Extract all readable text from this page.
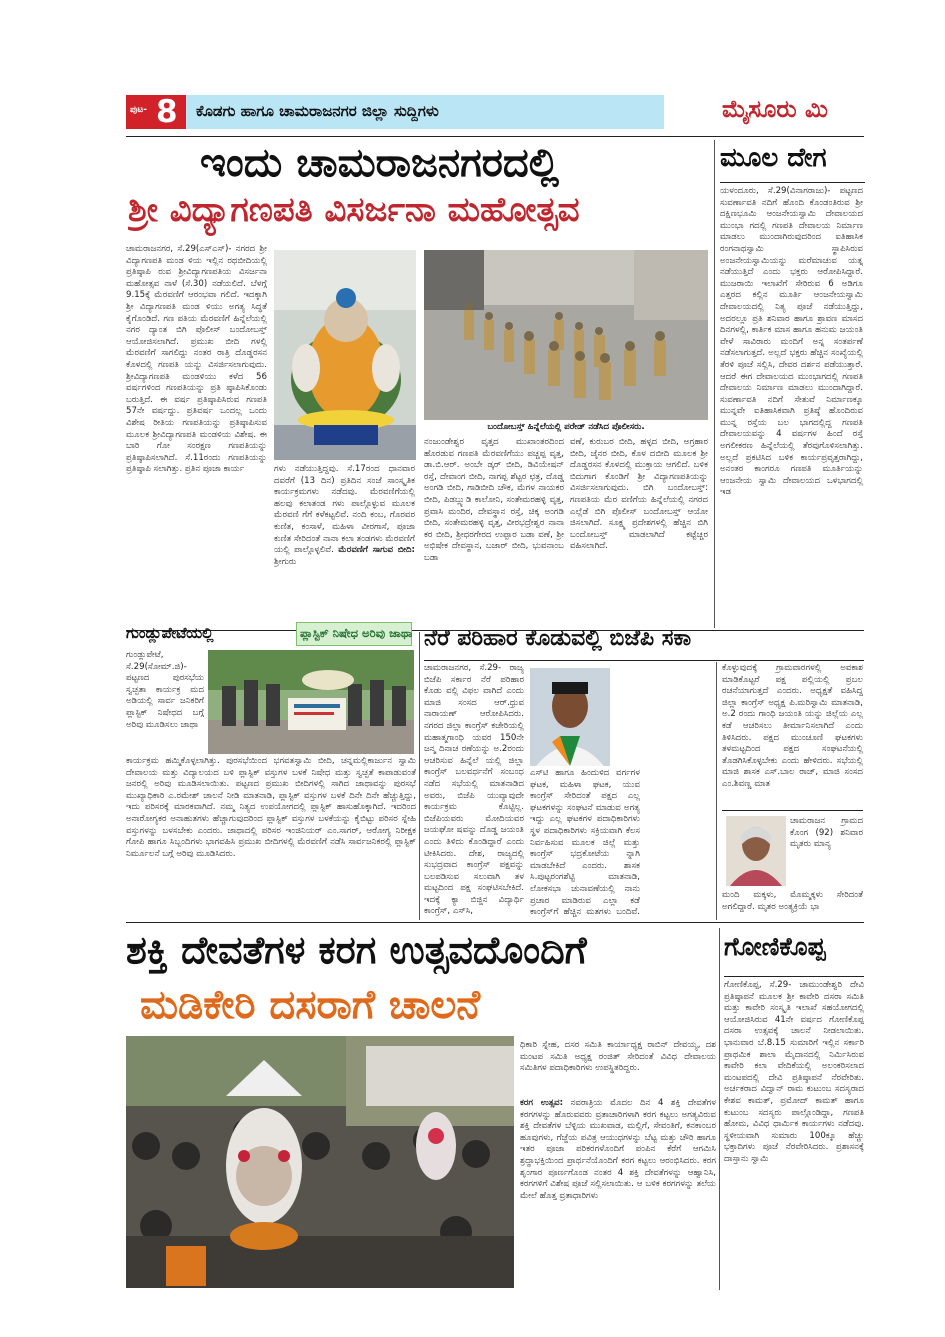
ಪುಟ- 8 ಕೊಡಗು ಹಾಗೂ ಚಾಮರಾಜನಗರ ಜಿಲ್ಲಾ ಸುದ್ದಿಗಳು	ಮೈಸೂರು ಮಿ
ಇಂದು ಚಾಮರಾಜನಗರದಲ್ಲಿ
ಶ್ರೀ ವಿದ್ಯಾಗಣಪತಿ ವಿಸರ್ಜನಾ ಮಹೋತ್ಸವ
ಚಾಮರಾಜನಗರ, ಸೆ.29(ಎಸ್‌ಎಸ್)- ನಗರದ ಶ್ರೀ ವಿದ್ಯಾಗಣಪತಿ ಮಂಡ ಳಿಯ ಇಲ್ಲಿನ ರಥಬೀದಿಯಲ್ಲಿ ಪ್ರತಿಷ್ಠಾಪಿ ರುವ ಶ್ರೀವಿದ್ಯಾಗಣಪತಿಯ ವಿಸರ್ಜನಾ ಮಹೋತ್ಸವ ನಾಳೆ (ಸೆ.30) ನಡೆಯಲಿದೆ. ಬೆಳಗ್ಗೆ 9.15ಕ್ಕೆ ಮೆರವಣಿಗೆ ಆರಂಭವಾ ಗಲಿದೆ. ಇದಕ್ಕಾಗಿ ಶ್ರೀ ವಿದ್ಯಾಗಣಪತಿ ಮಂಡ ಳಿಯು ಅಗತ್ಯ ಸಿದ್ಧತೆ ಕೈಗೊಂಡಿದೆ. ಗಣ ಪತಿಯ ಮೆರವಣಿಗೆ ಹಿನ್ನೆಲೆಯಲ್ಲಿ ನಗರ ದ್ಯಾಂತ ಬಿಗಿ ಪೊಲೀಸ್ ಬಂದೋಬಸ್ತ್ ಆಯೋಜಿಸಲಾಗಿದೆ. ಪ್ರಮುಖ ಬೀದಿ ಗಳಲ್ಲಿ ಮೆರವಣಿಗೆ ಸಾಗಲಿದ್ದು ನಂತರ ರಾತ್ರಿ ದೊಡ್ಡರಸನ ಕೊಳದಲ್ಲಿ ಗಣಪತಿ ಯನ್ನು ವಿಸರ್ಜಿಸಲಾಗುವುದು. ಶ್ರೀವಿದ್ಯಾಗಣಪತಿ ಮಂಡಳಿಯು ಕಳೆದ 56 ವರ್ಷಗಳಿಂದ ಗಣಪತಿಯನ್ನು ಪ್ರತಿ ಷ್ಠಾಪಿಸಿಕೊಂಡು ಬರುತ್ತಿದೆ. ಈ ವರ್ಷ ಪ್ರತಿಷ್ಠಾಪಿಸಿರುವ ಗಣಪತಿ 57ನೇ ವರ್ಷದ್ದು. ಪ್ರತಿವರ್ಷ ಒಂದಲ್ಲ ಒಂದು ವಿಶೇಷ ರೀತಿಯ ಗಣಪತಿಯನ್ನು ಪ್ರತಿಷ್ಠಾಪಿಸುವ ಮೂಲಕ ಶ್ರೀವಿದ್ಯಾಗಣಪತಿ ಮಂಡಳಿಯ ವಿಶೇಷ. ಈ ಬಾರಿ ಗೋ ಸಂರಕ್ಷಣ ಗಣಪತಿಯನ್ನು ಪ್ರತಿಷ್ಠಾಪಿಸಲಾಗಿದೆ. ಸೆ.11ರಂದು ಗಣಪತಿಯನ್ನು ಪ್ರತಿಷ್ಠಾಪಿ ಸಲಾಗಿತ್ತು. ಪ್ರತಿನ ಪೂಜಾ ಕಾರ್ಯ	ಗಳು ನಡೆಯುತ್ತಿದ್ದವು. ಸೆ.17ರಂದ ಧಾನವಾರ ದವರೆಗೆ (13 ದಿನ) ಪ್ರತಿದಿನ ಸಂಜೆ ಸಾಂಸ್ಕೃತಿಕ ಕಾರ್ಯಕ್ರಮಗಳು ನಡೆದವು. ಮೆರವಣಿಗೆಯಲ್ಲಿ ಹಲವು ಕಲಾತಂಡ ಗಳು ಪಾಲ್ಗೊಳ್ಳುವ ಮೂಲಕ ಮೆರವಣಿ ಗೆಗೆ ಕಳೆಕಟ್ಟಲಿವೆ. ನಂದಿ ಕಂಬ, ಗೊರವರ ಕುಣಿತ, ಕಂಸಾಳೆ, ಮಹಿಳಾ ವೀರಗಾಸೆ, ಪೂಜಾ ಕುಣಿತ ಸೇರಿದಂತೆ ನಾನಾ ಕಲಾ ತಂಡಗಳು ಮೆರವಣಿಗೆ ಯಲ್ಲಿ ಪಾಲ್ಗೊಳ್ಳಲಿವೆ. ಮೆರವಣಿಗೆ ಸಾಗುವ ಬೀದಿ: ಶ್ರೀಗುರು
ಬಂದೋಬಸ್ತ್ ಹಿನ್ನೆಲೆಯಲ್ಲಿ ಪರೇಡ್ ನಡೆಸಿದ ಪೊಲೀಸರು.
ನಂಜುಂಡೇಶ್ವರ ವೃತ್ತದ ಮುಖಾಂತರದಿಂದ ಹೊರಡುವ ಗಣಪತಿ ಮೆರವಣಿಗೆಯು ಪಚ್ಚಪ್ಪ ವೃತ್ತ, ಡಾ.ಬಿ.ಆರ್. ಅಂಬೇ ಡ್ಕರ್ ಬೀದಿ, ಡಿವಿಯೇಷನ್ ರಸ್ತೆ, ದೇವಾಂಗ ಬೀದಿ, ನಾಗಪ್ಪ ಶೆಟ್ಟರ ಛತ್ರ, ದೊಡ್ಡ ಅಂಗಡಿ ಬೀದಿ, ಗಾಡಿಬೀದಿ ಚೌಕ, ಮೆಗಳ ನಾಯಕರ ಬೀದಿ, ಪಿಡಬ್ಲ್ಯುಡಿ ಕಾಲೋನಿ, ಸಂತೇಮರಹಳ್ಳಿ ವೃತ್ತ, ಪ್ರವಾಸಿ ಮಂದಿರ, ದೇವಸ್ಥಾನ ರಸ್ತೆ, ಚಿಕ್ಕ ಅಂಗಡಿ ಬೀದಿ, ಸಂತೇಮರಹಳ್ಳಿ ವೃತ್ತ, ವೀರಭದ್ರೇಶ್ವರ ನಾನಾ ಕರ ಬೀದಿ, ಶ್ರೀಧರಗೇರದ ಉಪ್ಪಾರ ಬಡಾ ವಣೆ, ಶ್ರೀ ಅಭಿಷೇಕ ದೇವಸ್ಥಾನ, ಬಜಾರ್ ಬೀದಿ, ಭುವನಾಂಬ ಬಡಾ
ವಣೆ, ಕುರುಬರ ಬೀದಿ, ಹಳ್ಳದ ಬೀದಿ, ಅಗ್ರಹಾರ ಬೀದಿ, ಜೈನರ ಬೀದಿ, ಕೊಳ ದಬೀದಿ ಮೂಲಕ ಶ್ರೀ ದೊಡ್ಡರಸನ ಕೊಳದಲ್ಲಿ ಮುಕ್ತಾಯ ಆಗಲಿದೆ. ಬಳಿಕ ಬಿದುಗಾಗ ಕೊಂಡಿಗೆ ಶ್ರೀ ವಿದ್ಯಾಗಣಪತಿಯನ್ನು ವಿಸರ್ಜಿಸಲಾಗುವುದು. ಬಿಗಿ ಬಂದೋಬಸ್ತ್: ಗಣಪತಿಯ ಮೆರ ವಣಿಗೆಯ ಹಿನ್ನೆಲೆಯಲ್ಲಿ ನಗರದ ಎಲ್ಲೆಡೆ ಬಿಗಿ ಪೊಲೀಸ್ ಬಂದೋಬಸ್ತ್ ಆಯೋ ಜಿಸಲಾಗಿದೆ. ಸೂಕ್ಷ್ಮ ಪ್ರದೇಶಗಳಲ್ಲಿ ಹೆಚ್ಚಿನ ಬಿಗಿ ಬಂದೋಬಸ್ತ್ ಮಾಡಲಾಗಿದೆ ಕಟ್ಟೆಚ್ಚರ ವಹಿಸಲಾಗಿದೆ.
ಮೂಲ ದೇಗ
ಯಳಂದೂರು, ಸೆ.29(ವಿನಾಗರಾಜು)- ಪಟ್ಟಣದ ಸುವರ್ಣಾವತಿ ನದಿಗೆ ಹೊಂದಿ ಕೊಂಡಂತಿರುವ ಶ್ರೀ ದಕ್ಷಿಣಭೂಮಿ ಆಂಜನೇಯಸ್ವಾಮಿ ದೇವಾಲಯದ ಮುಂಭಾ ಗದಲ್ಲಿ ಗಣಪತಿ ದೇವಾಲಯ ನಿರ್ಮಾಣ ಮಾಡಲು ಮುಂದಾಗಿರುವುದರಿಂದ ಐತಿಹಾಸಿಕ ರಂಗನಾಥಸ್ವಾಮಿ ಸ್ಥಾಪಿಸಿರುವ ಅಂಜನೇಯಸ್ವಾಮಿಯನ್ನು ಮರೆಮಾಚುವ ಯತ್ನ ನಡೆಯುತ್ತಿದೆ ಎಂದು ಭಕ್ತರು ಆರೋಪಿಸಿದ್ದಾರೆ. ಮುಜರಾಯಿ ಇಲಾಖೆಗೆ ಸೇರಿರುವ 6 ಅಡಿಗೂ ಎತ್ತರದ ಕಲ್ಲಿನ ಮೂರ್ತಿ ಆಂಜನೇಯಸ್ವಾಮಿ ದೇವಾಲಯದಲ್ಲಿ ನಿತ್ಯ ಪೂಜೆ ನಡೆಯುತ್ತಿದ್ದು, ಅದರಲ್ಲೂ ಪ್ರತಿ ಶನಿವಾರ ಹಾಗೂ ಶ್ರಾವಣ ಮಾಸದ ದಿನಗಳಲ್ಲಿ, ಕಾರ್ತಿಕ ಮಾಸ ಹಾಗೂ ಹನುಮ ಜಯಂತಿ ವೇಳೆ ಸಾವಿರಾರು ಮಂದಿಗೆ ಅನ್ನ ಸಂತರ್ಪಣೆ ನಡೆಸಲಾಗುತ್ತದೆ. ಅಲ್ಲದೆ ಭಕ್ತರು ಹೆಚ್ಚಿನ ಸಂಖ್ಯೆಯಲ್ಲಿ ತೆರಳಿ ಪೂಜೆ ಸಲ್ಲಿಸಿ, ದೇವರ ದರ್ಶನ ಪಡೆಯುತ್ತಾರೆ. ಆದರೆ ಈಗ ದೇವಾಲಯದ ಮುಂಭಾಗದಲ್ಲಿ ಗಣಪತಿ ದೇವಾಲಯ ನಿರ್ಮಾಣ ಮಾಡಲು ಮುಂದಾಗಿದ್ದಾರೆ. ಸುವರ್ಣಾವತಿ ನದಿಗೆ ಸೇತುವೆ ನಿರ್ಮಾಣಕ್ಕೂ ಮುನ್ನವೇ ಐತಿಹಾಸಿಕವಾಗಿ ಪ್ರತಿಷ್ಠೆ ಹೊಂದಿರುವ ಮುನ್ನ ರಸ್ತೆಯ ಬಲ ಭಾಗದಲ್ಲಿದ್ದ ಗಣಪತಿ ದೇವಾಲಯವನ್ನು 4 ವರ್ಷಗಳ ಹಿಂದೆ ರಸ್ತೆ ಅಗಲೀಕರಣ ಹಿನ್ನೆಲೆಯಲ್ಲಿ ತೆರವುಗೊಳಿಸಲಾಗಿತ್ತು. ಅಲ್ಲದೆ ಪ್ರಕಟಿಸಿದ ಬಳಿಕ ಕಾರ್ಯಪ್ರವೃತ್ತರಾಗಿದ್ದು, ಅನಂತರ ಕಾಂಗರೂ ಗಣಪತಿ ಮೂರ್ತಿಯನ್ನು ಆಂಜನೇಯ ಸ್ವಾಮಿ ದೇವಾಲಯದ ಒಳಭಾಗದಲ್ಲಿ ಇಡ
ಗುಂಡ್ಲುಪೇಟೆಯಲ್ಲಿ	ಪ್ಲಾಸ್ಟಿಕ್ ನಿಷೇಧ ಅರಿವು ಜಾಥಾ
ಗುಂಡ್ಲುಪೇಟೆ, ಸೆ.29(ಸೋಮ್.ಜಿ)- ಪಟ್ಟಣದ ಪುರಸಭೆಯ ಸ್ವಚ್ಛತಾ ಕಾರ್ಯಕ್ರ ಮದ ಅಡಿಯಲ್ಲಿ ಸಾರ್ವ ಜನಿಕರಿಗೆ ಪ್ಲಾಸ್ಟಿಕ್ ನಿಷೇಧದ ಬಗ್ಗೆ ಅರಿವು ಮೂಡಿಸಲು ಜಾಥಾ
ಕಾರ್ಯಕ್ರಮ ಹಮ್ಮಿಕೊಳ್ಳಲಾಗಿತ್ತು. ಪುರಸಭೆಯಿಂದ ಭಗವತಸ್ವಾಮಿ ಬೀದಿ, ಚನ್ನಮಲ್ಲಿಕಾರ್ಜುನ ಸ್ವಾಮಿ ದೇವಾಲಯ ಮತ್ತು ವಿದ್ಯಾಲಯದ ಬಳಿ ಪ್ಲಾಸ್ಟಿಕ್ ವಸ್ತುಗಳ ಬಳಕೆ ನಿಷೇಧ ಮತ್ತು ಸ್ವಚ್ಛತೆ ಕಾಪಾಡುವಂತೆ ಜನರಲ್ಲಿ ಅರಿವು ಮೂಡಿಸಲಾಯಿತು. ಪಟ್ಟಣದ ಪ್ರಮುಖ ಬೀದಿಗಳಲ್ಲಿ ಸಾಗಿದ ಜಾಥಾವನ್ನು ಪುರಸಭೆ ಮುಖ್ಯಾಧಿಕಾರಿ ಎ.ರಮೇಶ್ ಚಾಲನೆ ನೀಡಿ ಮಾತನಾಡಿ, ಪ್ಲಾಸ್ಟಿಕ್ ವಸ್ತುಗಳ ಬಳಕೆ ದಿನೇ ದಿನೇ ಹೆಚ್ಚುತ್ತಿದ್ದು, ಇದು ಪರಿಸರಕ್ಕೆ ಮಾರಕವಾಗಿದೆ. ನಮ್ಮ ನಿತ್ಯದ ಉಪಯೋಗದಲ್ಲಿ ಪ್ಲಾಸ್ಟಿಕ್ ಹಾಸುಹೊಕ್ಕಾಗಿದೆ. ಇದರಿಂದ ಅನಾರೋಗ್ಯಕರ ಅನಾಹುತಗಳು ಹೆಚ್ಚಾಗುವುದರಿಂದ ಪ್ಲಾಸ್ಟಿಕ್ ವಸ್ತುಗಳ ಬಳಕೆಯನ್ನು ಕೈಬಿಟ್ಟು ಪರಿಸರ ಸ್ನೇಹಿ ವಸ್ತುಗಳನ್ನು ಬಳಸಬೇಕು ಎಂದರು. ಜಾಥಾದಲ್ಲಿ ಪರಿಸರ ಇಂಜಿನಿಯರ್ ಎಂ.ಸಾಗರ್, ಆರೋಗ್ಯ ನಿರೀಕ್ಷಕ ಗೋಪಿ ಹಾಗೂ ಸಿಬ್ಬಂದಿಗಳು ಭಾಗವಹಿಸಿ ಪ್ರಮುಖ ಬೀದಿಗಳಲ್ಲಿ ಮೆರವಣಿಗೆ ನಡೆಸಿ ಸಾರ್ವಜನಿಕರಲ್ಲಿ ಪ್ಲಾಸ್ಟಿಕ್ ನಿರ್ಮೂಲನೆ ಬಗ್ಗೆ ಅರಿವು ಮೂಡಿಸಿದರು.
ನೆರೆ ಪರಿಹಾರ ಕೊಡುವಲ್ಲಿ ಬಿಜೆಪಿ ಸಕಾ
ಚಾಮರಾಜನಗರ, ಸೆ.29- ರಾಜ್ಯ ಬಿಜೆಪಿ ಸರ್ಕಾರ ನೆರೆ ಪರಿಹಾರ ಕೊಡು ವಲ್ಲಿ ವಿಫಲ ವಾಗಿದೆ ಎಂದು ಮಾಜಿ ಸಂಸದ ಆರ್.ಧ್ರುವ ನಾರಾಯಣ್ ಆರೋಪಿಸಿದರು. ನಗರದ ಜಿಲ್ಲಾ ಕಾಂಗ್ರೆಸ್ ಕಚೇರಿಯಲ್ಲಿ ಮಹಾತ್ಮಗಾಂಧಿ ಯವರ 150ನೇ ಜನ್ಮ ದಿನಾಚ ರಣೆಯನ್ನು ಅ.2ರಂದು ಆಚರಿಸುವ ಹಿನ್ನೆಲೆ ಯಲ್ಲಿ ಜಿಲ್ಲಾ ಕಾಂಗ್ರೆಸ್ ಬಲವರ್ಧನೆಗೆ ಸಂಬಂಧ ನಡೆದ ಸಭೆಯಲ್ಲಿ ಮಾತನಾಡಿದ ಅವರು, ಬಿಜೆಪಿ ಯುವ್ಯಾವುದೇ ಕಾರ್ಯಕ್ರಮ ಕೊಟ್ಟಿಲ್ಲ. ಬಿಜೆಪಿಯವರು ಮೋದಿಯವರ ಜಯಘೋ ಷವನ್ನು ದೊಡ್ಡ ಜಯಂತಿ ಎಂದು ತಿಳಿದು ಕೊಂಡಿದ್ದಾರೆ ಎಂದು ಟೀಕಿಸಿದರು. ದೇಶ, ರಾಜ್ಯದಲ್ಲಿ ಸುಭದ್ರವಾದ ಕಾಂಗ್ರೆಸ್ ಪಕ್ಷವನ್ನು ಬಲಪಡಿಸುವ ಸಲುವಾಗಿ ತಳ ಮಟ್ಟದಿಂದ ಪಕ್ಷ ಸಂಘಟಿಸಬೇಕಿದೆ. ಇದಕ್ಕೆ ಕ್ಯಾ ಬಿಜ್ಜಿನ ವಿದ್ಯಾರ್ಥಿ ಕಾಂಗ್ರೆಸ್, ಎಸ್‌ಸಿ,
ಎಸ್‌ಟಿ ಹಾಗೂ ಹಿಂದುಳಿದ ವರ್ಗಗಳ ಘಟಕ, ಮಹಿಳಾ ಘಟಕ, ಯುವ ಕಾಂಗ್ರೆಸ್ ಸೇರಿದಂತೆ ಪಕ್ಷದ ಎಲ್ಲ ಘಟಕಗಳನ್ನು ಸಂಘಟನೆ ಮಾಡುವ ಅಗತ್ಯ ಇದ್ದು ಎಲ್ಲ ಘಟಕಗಳ ಪದಾಧಿಕಾರಿಗಳು ಸ್ಥಳ ಪದಾಧಿಕಾರಿಗಳು ಸಕ್ರಿಯವಾಗಿ ಕೆಲಸ ನಿರ್ವಹಿಸುವ ಮೂಲಕ ಜಿಲ್ಲೆ ಮತ್ತು ಕಾಂಗ್ರೆಸ್ ಭದ್ರಕೋಟೆಯ ನ್ನಾಗಿ ಮಾಡಬೇಕಿದೆ ಎಂದರು. ಶಾಸಕ ಸಿ.ಪುಟ್ಟರಂಗಶೆಟ್ಟಿ ಮಾತನಾಡಿ, ಲೋಕಸಭಾ ಚುನಾವಣೆಯಲ್ಲಿ ನಾನು ಪ್ರಚಾರ ಮಾಡಿರುವ ಎಲ್ಲಾ ಕಡೆ ಕಾಂಗ್ರೆಸ್‌ಗೆ ಹೆಚ್ಚಿನ ಮತಗಳು ಬಂದಿವೆ.
ಕೊಳ್ಳುವುದಕ್ಕೆ ಗ್ರಾಮವಾರಗಳಲ್ಲಿ ಅವಕಾಶ ಮಾಡಿಕೊಟ್ಟರೆ ಪಕ್ಷ ಪಲ್ಲಿಯಲ್ಲಿ ಪ್ರಬಲ ರಚನೆಯಾಗುತ್ತದೆ ಎಂದರು. ಅಧ್ಯಕ್ಷತೆ ವಹಿಸಿದ್ದ ಜಿಲ್ಲಾ ಕಾಂಗ್ರೆಸ್ ಅಧ್ಯಕ್ಷ ಪಿ.ಮರಿಸ್ವಾಮಿ ಮಾತನಾಡಿ, ಅ.2 ರಂದು ಗಾಂಧಿ ಜಯಂತಿ ಯನ್ನು ಜಿಲ್ಲೆಯ ಎಲ್ಲ ಕಡೆ ಆಚರಿಸಲು ತೀರ್ಮಾನಿಸಲಾಗಿದೆ ಎಂದು ತಿಳಿಸಿದರು. ಪಕ್ಷದ ಮುಂಚೂಣಿ ಘಟಕಗಳು ತಳಮಟ್ಟದಿಂದ ಪಕ್ಷದ ಸಂಘಟನೆಯಲ್ಲಿ ತೊಡಗಿಸಿಕೊಳ್ಳಬೇಕು ಎಂದು ಹೇಳಿದರು. ಸಭೆಯಲ್ಲಿ ಮಾಜಿ ಶಾಸಕ ಎಸ್.ಬಾಲ ರಾಜ್, ಮಾಜಿ ಸಂಸದ ಎಂ.ಶಿವಣ್ಣ ಮಾತ
ಚಾಮರಾಜನ ಗ್ರಾಮದ ಕೊಂಗ (92) ಶನಿವಾರ ಮೃತರು ಮಾನ್ಯ
ಮಂದಿ ಮಕ್ಕಳು, ಮೊಮ್ಮಕ್ಕಳು ಸೇರಿದಂತೆ ಅಗಲಿದ್ದಾರೆ. ಮೃತರ ಅಂತ್ಯಕ್ರಿಯೆ ಭಾ
ಶಕ್ತಿ ದೇವತೆಗಳ ಕರಗ ಉತ್ಸವದೊಂದಿಗೆ
ಮಡಿಕೇರಿ ದಸರಾಗೆ ಚಾಲನೆ
ಧಿಕಾರಿ ಸ್ನೇಹ, ದಸರ ಸಮಿತಿ ಕಾರ್ಯಾಧ್ಯಕ್ಷ ರಾಬಿನ್ ದೇವಯ್ಯ, ದಶ ಮಂಟಪ ಸಮಿತಿ ಅಧ್ಯಕ್ಷ ರಂಜಿತ್ ಸೇರಿದಂತೆ ವಿವಿಧ ದೇವಾಲಯ ಸಮಿತಿಗಳ ಪದಾಧಿಕಾರಿಗಳು ಉಪಸ್ಥಿತರಿದ್ದರು.
ಕರಗ ಉತ್ಸವ: ನವರಾತ್ರಿಯ ಮೊದಲ ದಿನ 4 ಶಕ್ತಿ ದೇವತೆಗಳ ಕರಗಗಳನ್ನು ಹೊರುವವರು ವ್ರತಾಚಾರಿಗಳಾಗಿ ಕರಗ ಕಟ್ಟಲು ಅಗತ್ಯವಿರುವ ಶಕ್ತಿ ದೇವತೆಗಳ ಬೆಳ್ಳಿಯ ಮುಖವಾಡ, ಮಲ್ಲಿಗೆ, ಸೇವಂತಿಗೆ, ಕನಕಾಂಬರ ಹೂವುಗಳು, ಗೆಜ್ಜೆಯ ಪವಿತ್ರ ಆಯುಧಗಳನ್ನು ಬೆಟ್ಟ ಮತ್ತು ಚೌರಿ ಹಾಗೂ ಇತರ ಪೂಜಾ ಪರಿಕರಗಳೊಂದಿಗೆ ಪಂಪಿನ ಕೆರೆಗೆ ಆಗಮಿಸಿ ಶ್ರದ್ಧಾಭಕ್ತಿಯಿಂದ ಪ್ರಾರ್ಥನೆಯೊಂದಿಗೆ ಕರಗ ಕಟ್ಟಲು ಆರಂಭಿಸಿದರು. ಕರಗ ಶೃಂಗಾರ ಪೂರ್ಣಗೊಂಡ ನಂತರ 4 ಶಕ್ತಿ ದೇವತೆಗಳನ್ನು ಆಹ್ವಾನಿಸಿ, ಕರಗಗಳಿಗೆ ವಿಶೇಷ ಪೂಜೆ ಸಲ್ಲಿಸಲಾಯಿತು. ಆ ಬಳಿಕ ಕರಗಗಳನ್ನು ತಲೆಯ ಮೇಲೆ ಹೊತ್ತ ವ್ರತಾಧಾರಿಗಳು
ಗೋಣಿಕೊಪ್ಪ
ಗೋಣಿಕೊಪ್ಪ, ಸೆ.29- ಚಾಮುಂಡೇಶ್ವರಿ ದೇವಿ ಪ್ರತಿಷ್ಠಾಪನೆ ಮೂಲಕ ಶ್ರೀ ಕಾವೇರಿ ದಸರಾ ಸಮಿತಿ ಮತ್ತು ಕಾವೇರಿ ಸಂಸ್ಕೃತಿ ಇಲಾಖೆ ಸಹಯೋಗದಲ್ಲಿ ಆಯೋಜಿಸಿರುವ 41ನೇ ವರ್ಷದ ಗೋಣಿಕೊಪ್ಪ ದಸರಾ ಉತ್ಸವಕ್ಕೆ ಚಾಲನೆ ನೀಡಲಾಯಿತು. ಭಾನುವಾರ ಬೆ.8.15 ಸುಮಾರಿಗೆ ಇಲ್ಲಿನ ಸರ್ಕಾರಿ ಪ್ರಾಥಮಿಕ ಶಾಲಾ ಮೈದಾನದಲ್ಲಿ ನಿರ್ಮಿಸಿರುವ ಕಾವೇರಿ ಕಲಾ ವೇದಿಕೆಯಲ್ಲಿ ಅಲಂಕರಿಸಲಾದ ಮಂಟಪದಲ್ಲಿ ದೇವಿ ಪ್ರತಿಷ್ಠಾಪನೆ ನೆರವೇರಿತು. ಅರ್ಚಕರಾದ ವಿದ್ವಾನ್ ರಾಮ ಕುಟುಂಬ ಸದಸ್ಯರಾದ ಕೇಶವ ಕಾಮತ್, ಪ್ರಮೋದ್ ಕಾಮತ್ ಹಾಗೂ ಕುಟುಂಬ ಸದಸ್ಯರು ಪಾಲ್ಗೊಂಡಿದ್ದಾ, ಗಣಪತಿ ಹೋಮ, ವಿವಿಧ ಧಾರ್ಮಿಕ ಕಾರ್ಯಗಳು ನಡೆದವು. ಸ್ಥಳೀಯವಾಗಿ ಸುಮಾರು 100ಕ್ಕೂ ಹೆಚ್ಚು ಭಕ್ತಾದಿಗಳು ಪೂಜೆ ನೆರವೇರಿಸಿದರು. ಪ್ರಶಾಸನಕ್ಕೆ ದಾಸ್ತಾನು ಸ್ವಾಮಿ
